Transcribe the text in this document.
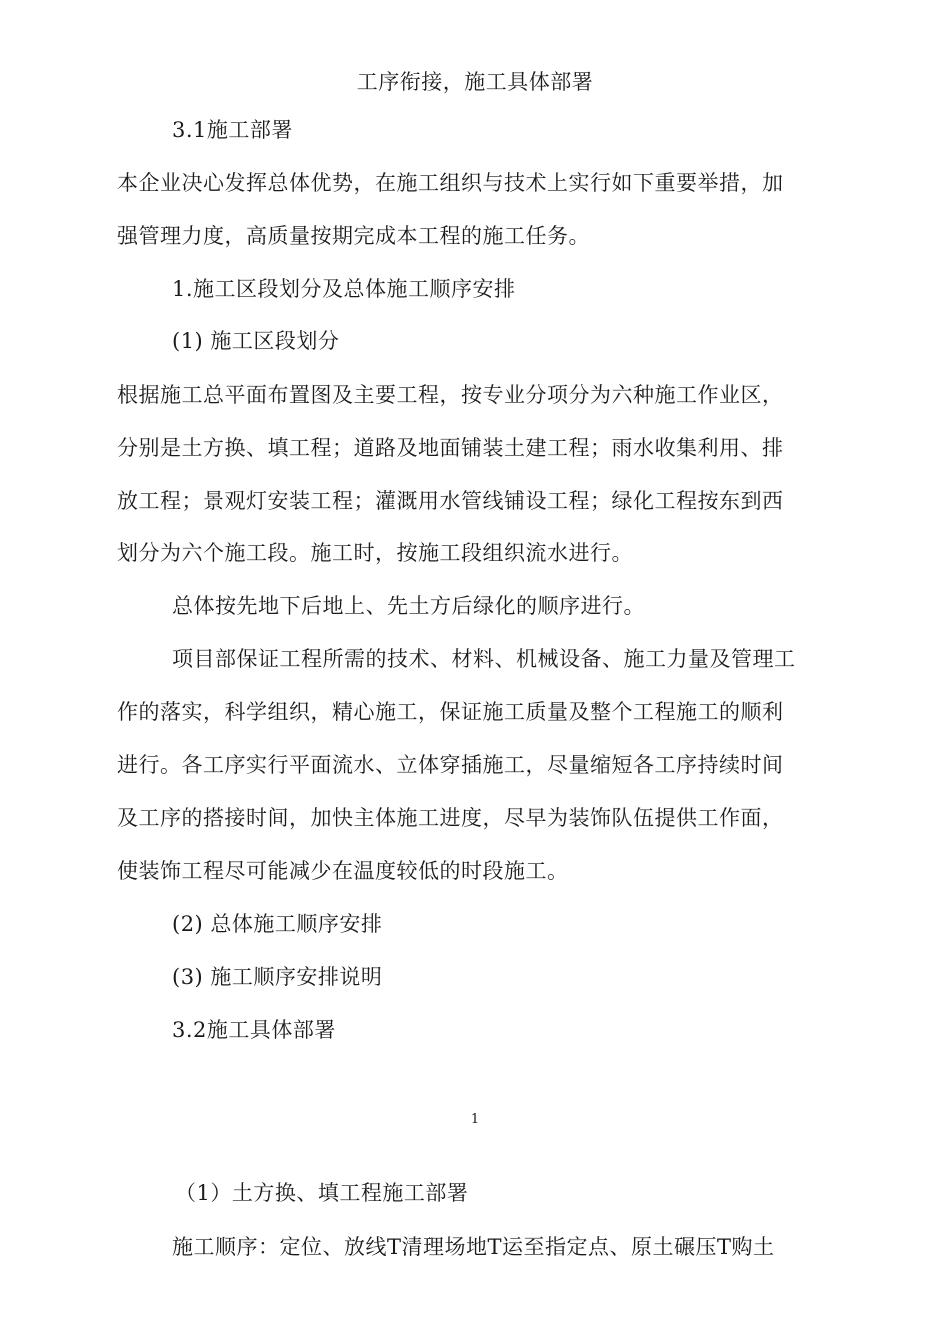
工序衔接，施工具体部署
3.1施工部署
本企业决心发挥总体优势，在施工组织与技术上实行如下重要举措，加
强管理力度，高质量按期完成本工程的施工任务。
1.施工区段划分及总体施工顺序安排
(1) 施工区段划分
根据施工总平面布置图及主要工程，按专业分项分为六种施工作业区，
分别是土方换、填工程；道路及地面铺装土建工程；雨水收集利用、排
放工程；景观灯安装工程；灌溉用水管线铺设工程；绿化工程按东到西
划分为六个施工段。施工时，按施工段组织流水进行。
总体按先地下后地上、先土方后绿化的顺序进行。
项目部保证工程所需的技术、材料、机械设备、施工力量及管理工
作的落实，科学组织，精心施工，保证施工质量及整个工程施工的顺利
进行。各工序实行平面流水、立体穿插施工，尽量缩短各工序持续时间
及工序的搭接时间，加快主体施工进度，尽早为装饰队伍提供工作面，
使装饰工程尽可能减少在温度较低的时段施工。
(2) 总体施工顺序安排
(3) 施工顺序安排说明
3.2施工具体部署
1
（1）土方换、填工程施工部署
施工顺序：定位、放线T清理场地T运至指定点、原土碾压T购土
